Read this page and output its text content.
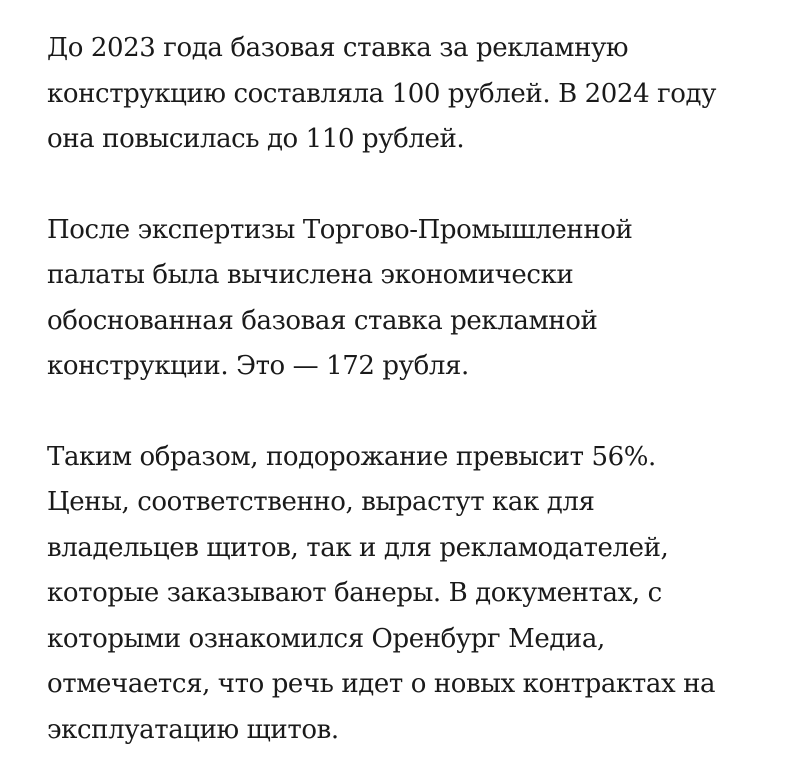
До 2023 года базовая ставка за рекламную
конструкцию составляла 100 рублей. В 2024 году
она повысилась до 110 рублей.

После экспертизы Торгово-Промышленной
палаты была вычислена экономически
обоснованная базовая ставка рекламной
конструкции. Это — 172 рубля.

Таким образом, подорожание превысит 56%.
Цены, соответственно, вырастут как для
владельцев щитов, так и для рекламодателей,
которые заказывают банеры. В документах, с
которыми ознакомился Оренбург Медиа,
отмечается, что речь идет о новых контрактах на
эксплуатацию щитов.
